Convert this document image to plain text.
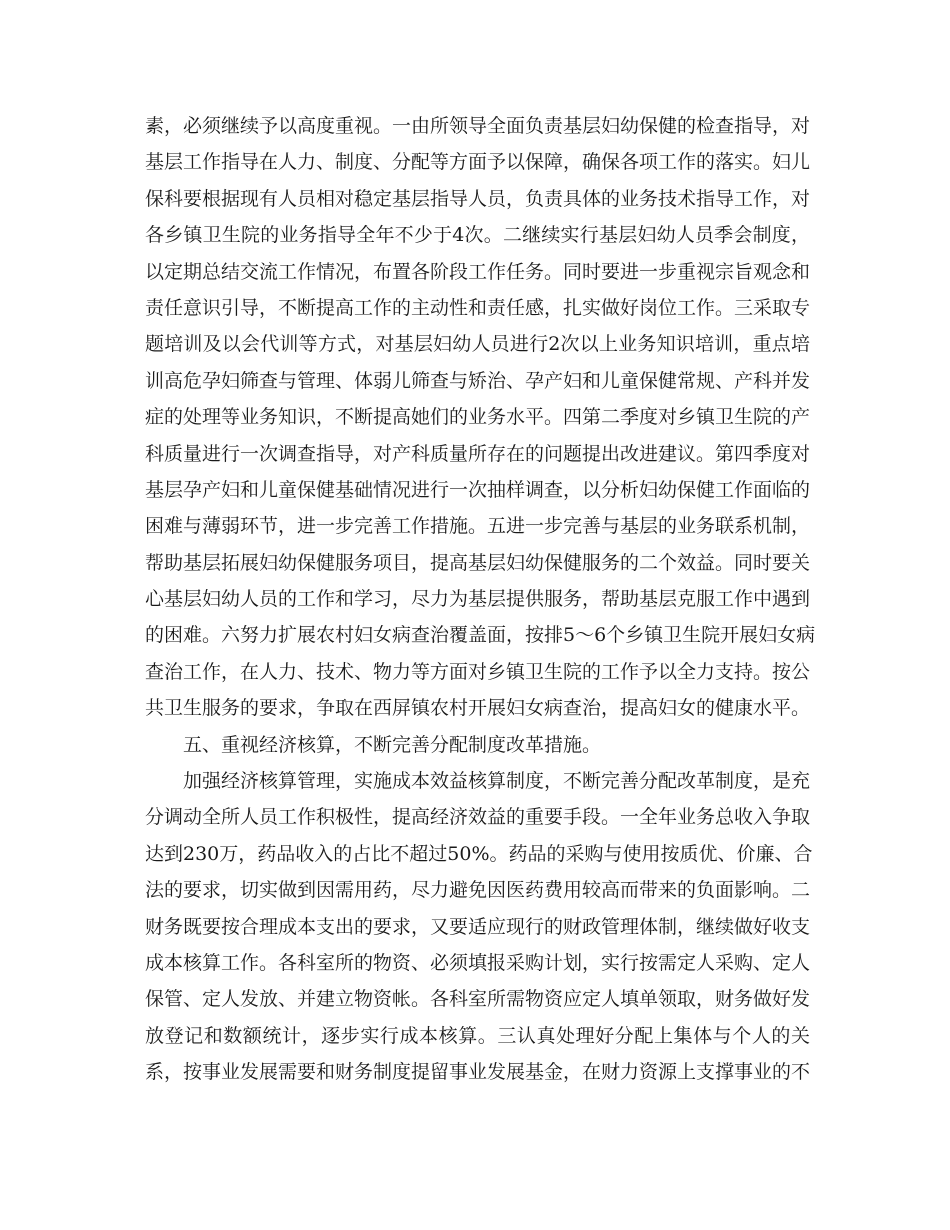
素，必须继续予以高度重视。一由所领导全面负责基层妇幼保健的检查指导，对
基层工作指导在人力、制度、分配等方面予以保障，确保各项工作的落实。妇儿
保科要根据现有人员相对稳定基层指导人员，负责具体的业务技术指导工作，对
各乡镇卫生院的业务指导全年不少于4次。二继续实行基层妇幼人员季会制度，
以定期总结交流工作情况，布置各阶段工作任务。同时要进一步重视宗旨观念和
责任意识引导，不断提高工作的主动性和责任感，扎实做好岗位工作。三采取专
题培训及以会代训等方式，对基层妇幼人员进行2次以上业务知识培训，重点培
训高危孕妇筛查与管理、体弱儿筛查与矫治、孕产妇和儿童保健常规、产科并发
症的处理等业务知识，不断提高她们的业务水平。四第二季度对乡镇卫生院的产
科质量进行一次调查指导，对产科质量所存在的问题提出改进建议。第四季度对
基层孕产妇和儿童保健基础情况进行一次抽样调查，以分析妇幼保健工作面临的
困难与薄弱环节，进一步完善工作措施。五进一步完善与基层的业务联系机制，
帮助基层拓展妇幼保健服务项目，提高基层妇幼保健服务的二个效益。同时要关
心基层妇幼人员的工作和学习，尽力为基层提供服务，帮助基层克服工作中遇到
的困难。六努力扩展农村妇女病查治覆盖面，按排5～6个乡镇卫生院开展妇女病
查治工作，在人力、技术、物力等方面对乡镇卫生院的工作予以全力支持。按公
共卫生服务的要求，争取在西屏镇农村开展妇女病查治，提高妇女的健康水平。
五、重视经济核算，不断完善分配制度改革措施。
加强经济核算管理，实施成本效益核算制度，不断完善分配改革制度，是充
分调动全所人员工作积极性，提高经济效益的重要手段。一全年业务总收入争取
达到230万，药品收入的占比不超过50%。药品的采购与使用按质优、价廉、合
法的要求，切实做到因需用药，尽力避免因医药费用较高而带来的负面影响。二
财务既要按合理成本支出的要求，又要适应现行的财政管理体制，继续做好收支
成本核算工作。各科室所的物资、必须填报采购计划，实行按需定人采购、定人
保管、定人发放、并建立物资帐。各科室所需物资应定人填单领取，财务做好发
放登记和数额统计，逐步实行成本核算。三认真处理好分配上集体与个人的关
系，按事业发展需要和财务制度提留事业发展基金，在财力资源上支撑事业的不
